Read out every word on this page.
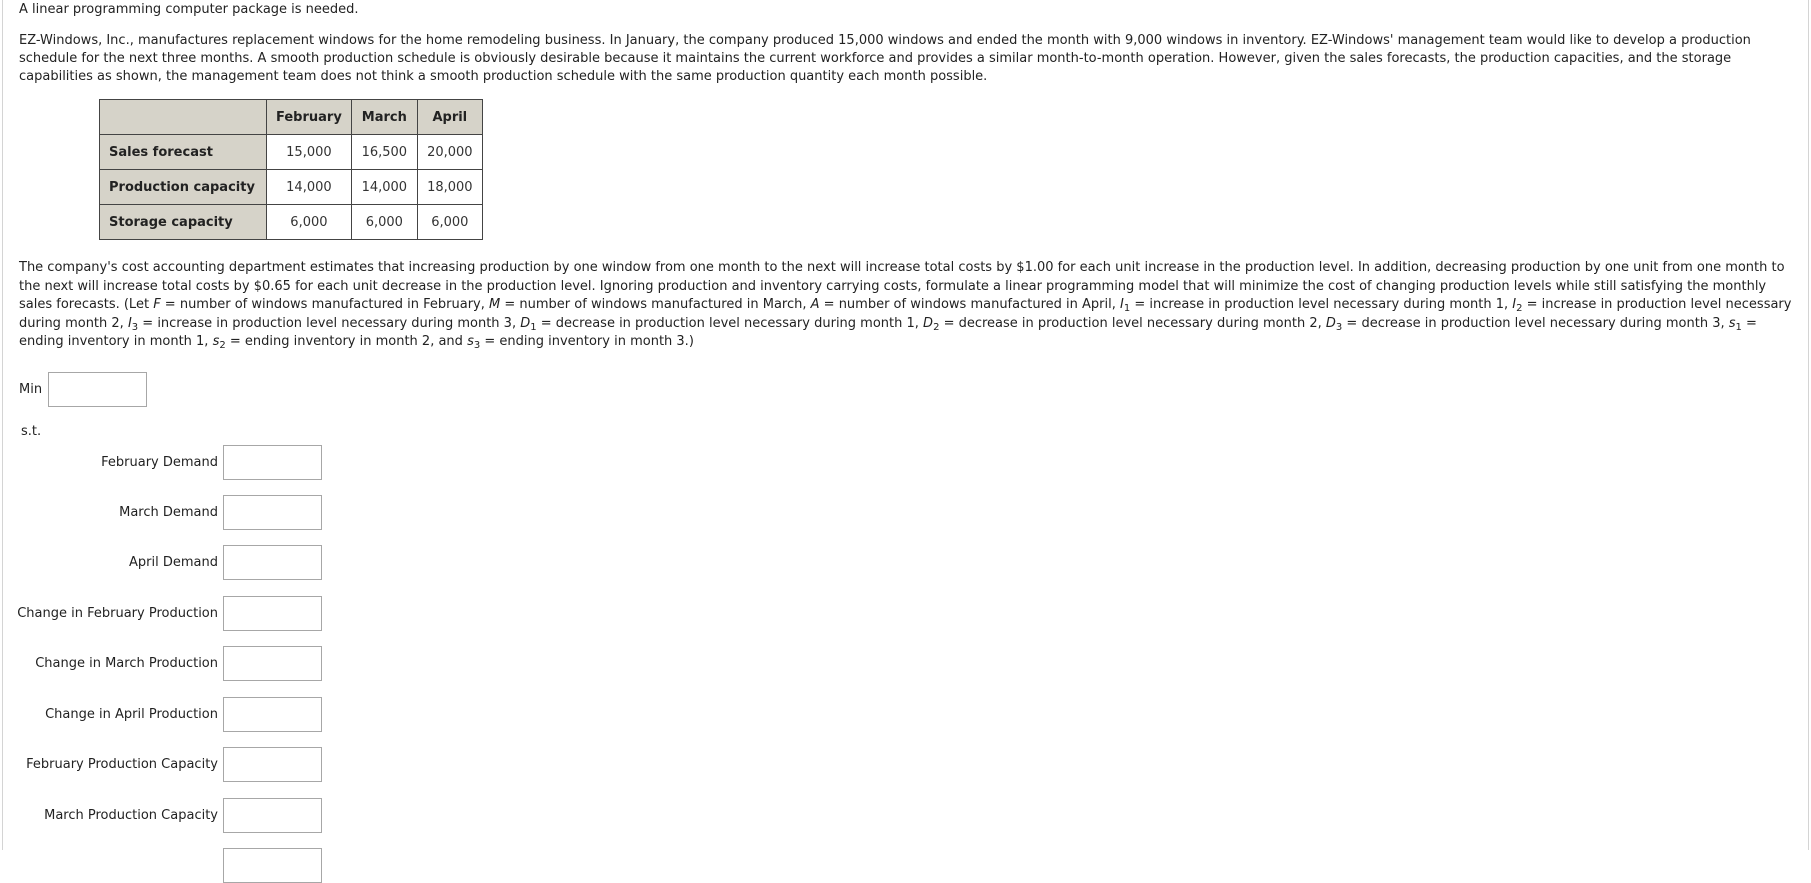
A linear programming computer package is needed.

EZ-Windows, Inc., manufactures replacement windows for the home remodeling business. In January, the company produced 15,000 windows and ended the month with 9,000 windows in inventory. EZ-Windows' management team would like to develop a production schedule for the next three months. A smooth production schedule is obviously desirable because it maintains the current workforce and provides a similar month-to-month operation. However, given the sales forecasts, the production capacities, and the storage capabilities as shown, the management team does not think a smooth production schedule with the same production quantity each month possible.

	February	March	April
Sales forecast	15,000	16,500	20,000
Production capacity	14,000	14,000	18,000
Storage capacity	6,000	6,000	6,000

The company's cost accounting department estimates that increasing production by one window from one month to the next will increase total costs by $1.00 for each unit increase in the production level. In addition, decreasing production by one unit from one month to the next will increase total costs by $0.65 for each unit decrease in the production level. Ignoring production and inventory carrying costs, formulate a linear programming model that will minimize the cost of changing production levels while still satisfying the monthly sales forecasts. (Let F = number of windows manufactured in February, M = number of windows manufactured in March, A = number of windows manufactured in April, $I_1$ = increase in production level necessary during month 1, $I_2$ = increase in production level necessary during month 2, $I_3$ = increase in production level necessary during month 3, $D_1$ = decrease in production level necessary during month 1, $D_2$ = decrease in production level necessary during month 2, $D_3$ = decrease in production level necessary during month 3, $s_1$ = ending inventory in month 1, $s_2$ = ending inventory in month 2, and $s_3$ = ending inventory in month 3.)

Min
s.t.
February Demand
March Demand
April Demand
Change in February Production
Change in March Production
Change in April Production
February Production Capacity
March Production Capacity
